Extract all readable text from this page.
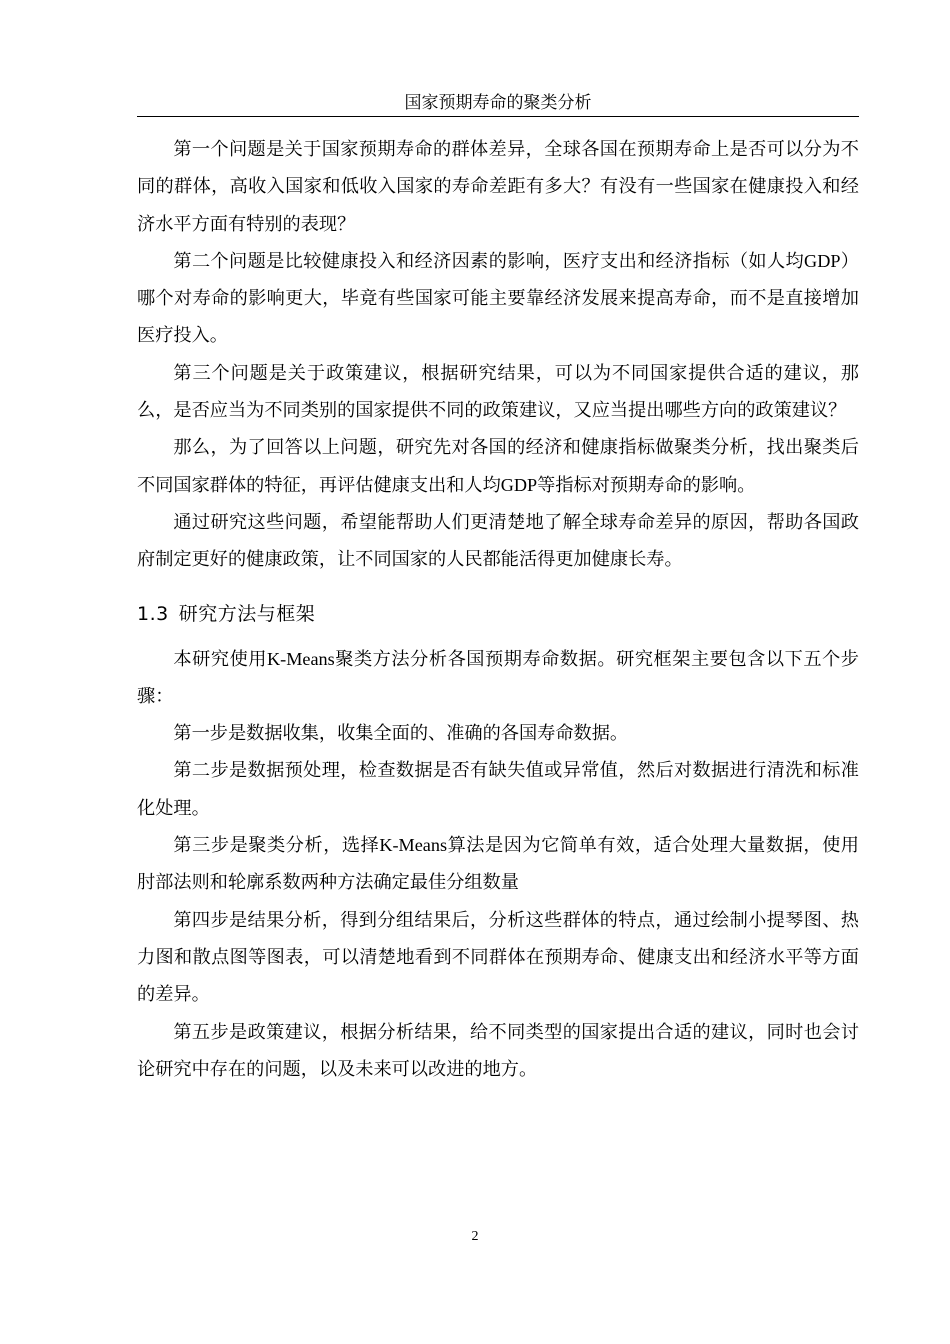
国家预期寿命的聚类分析

第一个问题是关于国家预期寿命的群体差异，全球各国在预期寿命上是否可以分为不同的群体，高收入国家和低收入国家的寿命差距有多大？有没有一些国家在健康投入和经济水平方面有特别的表现？

第二个问题是比较健康投入和经济因素的影响，医疗支出和经济指标（如人均GDP）哪个对寿命的影响更大，毕竟有些国家可能主要靠经济发展来提高寿命，而不是直接增加医疗投入。

第三个问题是关于政策建议，根据研究结果，可以为不同国家提供合适的建议，那么，是否应当为不同类别的国家提供不同的政策建议，又应当提出哪些方向的政策建议？

那么，为了回答以上问题，研究先对各国的经济和健康指标做聚类分析，找出聚类后不同国家群体的特征，再评估健康支出和人均GDP等指标对预期寿命的影响。

通过研究这些问题，希望能帮助人们更清楚地了解全球寿命差异的原因，帮助各国政府制定更好的健康政策，让不同国家的人民都能活得更加健康长寿。

1.3 研究方法与框架

本研究使用K-Means聚类方法分析各国预期寿命数据。研究框架主要包含以下五个步骤：

第一步是数据收集，收集全面的、准确的各国寿命数据。

第二步是数据预处理，检查数据是否有缺失值或异常值，然后对数据进行清洗和标准化处理。

第三步是聚类分析，选择K-Means算法是因为它简单有效，适合处理大量数据，使用肘部法则和轮廓系数两种方法确定最佳分组数量

第四步是结果分析，得到分组结果后，分析这些群体的特点，通过绘制小提琴图、热力图和散点图等图表，可以清楚地看到不同群体在预期寿命、健康支出和经济水平等方面的差异。

第五步是政策建议，根据分析结果，给不同类型的国家提出合适的建议，同时也会讨论研究中存在的问题，以及未来可以改进的地方。

2
